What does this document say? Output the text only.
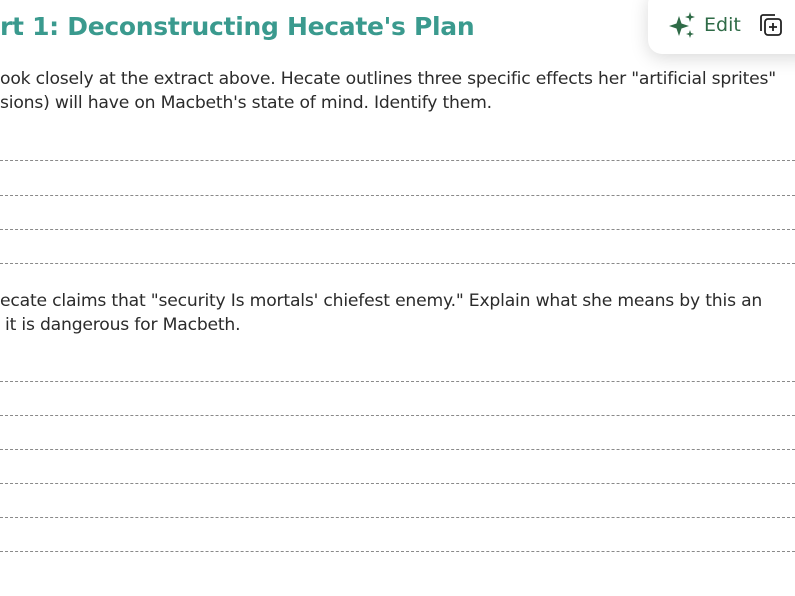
rt 1: Deconstructing Hecate's Plan	Edit
ook closely at the extract above. Hecate outlines three specific effects her "artificial sprites"
sions) will have on Macbeth's state of mind. Identify them.
ecate claims that "security Is mortals' chiefest enemy." Explain what she means by this an
it is dangerous for Macbeth.
